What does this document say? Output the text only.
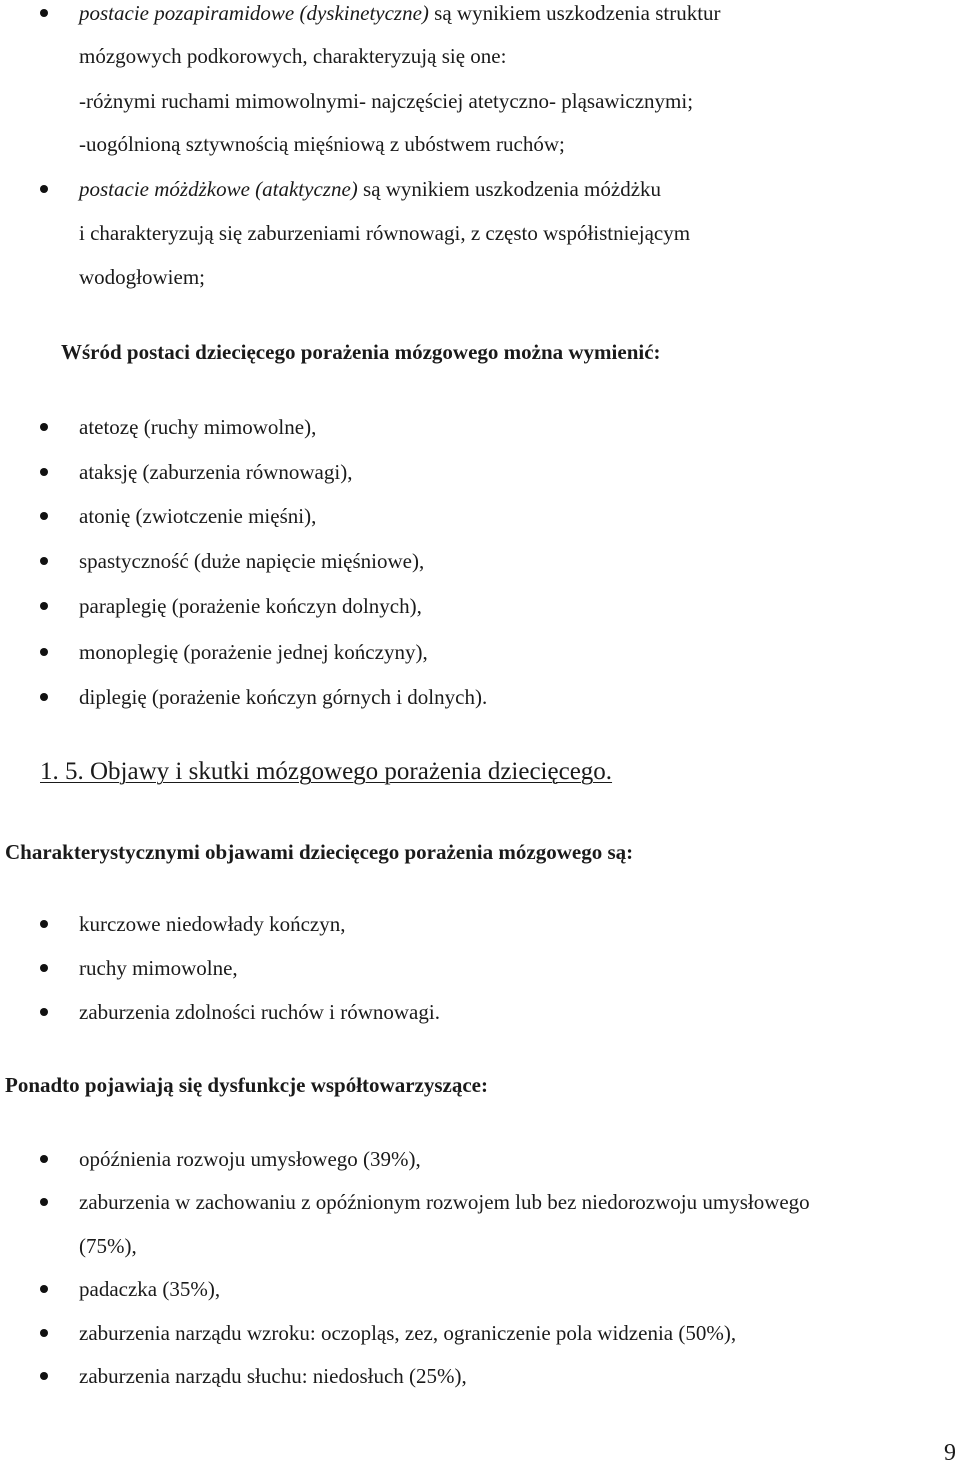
postacie pozapiramidowe (dyskinetyczne) są wynikiem uszkodzenia struktur
mózgowych podkorowych, charakteryzują się one:
-różnymi ruchami mimowolnymi- najczęściej atetyczno- pląsawicznymi;
-uogólnioną sztywnością mięśniową z ubóstwem ruchów;
postacie móżdżkowe (ataktyczne) są wynikiem uszkodzenia móżdżku
i charakteryzują się zaburzeniami równowagi, z często współistniejącym
wodogłowiem;
Wśród postaci dziecięcego porażenia mózgowego można wymienić:
atetozę (ruchy mimowolne),
ataksję (zaburzenia równowagi),
atonię (zwiotczenie mięśni),
spastyczność (duże napięcie mięśniowe),
paraplegię (porażenie kończyn dolnych),
monoplegię (porażenie jednej kończyny),
diplegię (porażenie kończyn górnych i dolnych).
1. 5. Objawy i skutki mózgowego porażenia dziecięcego.
Charakterystycznymi objawami dziecięcego porażenia mózgowego są:
kurczowe niedowłady kończyn,
ruchy mimowolne,
zaburzenia zdolności ruchów i równowagi.
Ponadto pojawiają się dysfunkcje współtowarzyszące:
opóźnienia rozwoju umysłowego (39%),
zaburzenia w zachowaniu z opóźnionym rozwojem lub bez niedorozwoju umysłowego
(75%),
padaczka (35%),
zaburzenia narządu wzroku: oczopląs, zez, ograniczenie pola widzenia (50%),
zaburzenia narządu słuchu: niedosłuch (25%),
9
